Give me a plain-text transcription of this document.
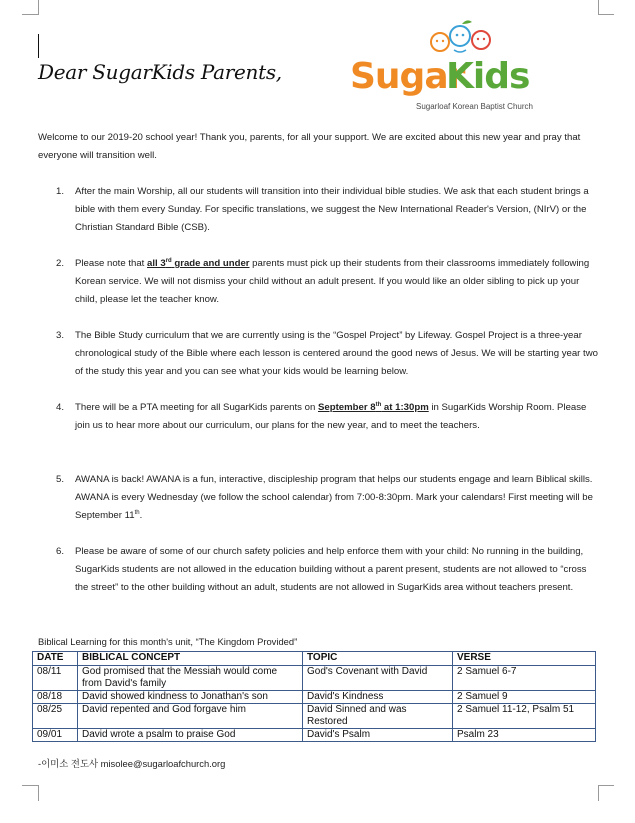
Dear SugarKids Parents, Sugar
Kids
Sugarloaf Korean Baptist Church
Welcome to our 2019-20 school year! Thank you, parents, for all your support. We are excited about this new year and pray that everyone will transition well.
1.	After the main Worship, all our students will transition into their individual bible studies. We ask that each student brings a bible with them every Sunday. For specific translations, we suggest the New International Reader's Version, (NIrV) or the Christian Standard Bible (CSB).
2.	Please note that all 3rd grade and under parents must pick up their students from their classrooms immediately following Korean service. We will not dismiss your child without an adult present. If you would like an older sibling to pick up your child, please let the teacher know.
3.	The Bible Study curriculum that we are currently using is the “Gospel Project” by Lifeway. Gospel Project is a three-year chronological study of the Bible where each lesson is centered around the good news of Jesus. We will be starting year two of the study this year and you can see what your kids would be learning below.
4.	There will be a PTA meeting for all SugarKids parents on September 8th at 1:30pm in SugarKids Worship Room. Please join us to hear more about our curriculum, our plans for the new year, and to meet the teachers.
5.	AWANA is back! AWANA is a fun, interactive, discipleship program that helps our students engage and learn Biblical skills. AWANA is every Wednesday (we follow the school calendar) from 7:00-8:30pm. Mark your calendars! First meeting will be September 11th.
6.	Please be aware of some of our church safety policies and help enforce them with your child: No running in the building, SugarKids students are not allowed in the education building without a parent present, students are not allowed to “cross the street” to the other building without an adult, students are not allowed in SugarKids area without teachers present.
Biblical Learning for this month's unit, “The Kingdom Provided”
DATE	BIBLICAL CONCEPT	TOPIC	VERSE
08/11	God promised that the Messiah would come from David's family	God's Covenant with David	2 Samuel 6-7
08/18	David showed kindness to Jonathan's son	David's Kindness	2 Samuel 9
08/25	David repented and God forgave him	David Sinned and was Restored	2 Samuel 11-12, Psalm 51
09/01	David wrote a psalm to praise God	David's Psalm	Psalm 23
-이미소 전도사 misolee@sugarloafchurch.org
